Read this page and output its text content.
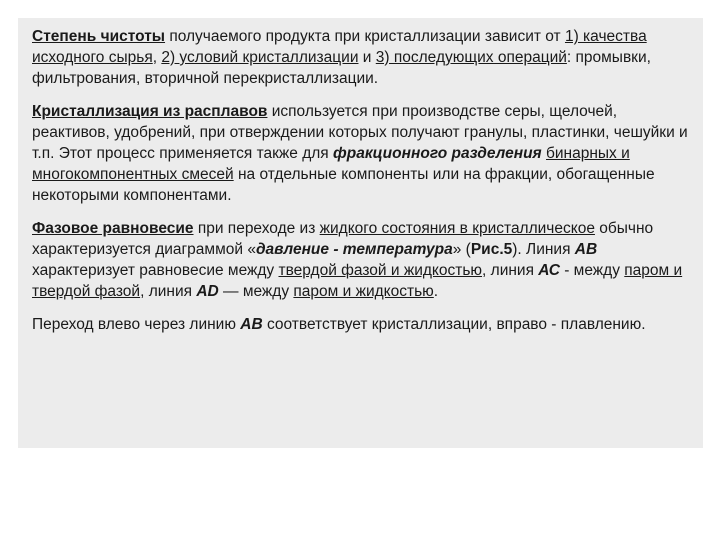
Степень чистоты получаемого продукта при кристаллизации зависит от 1) качества исходного сырья, 2) условий кристаллизации и 3) последующих операций: промывки, фильтрования, вторичной перекристаллизации.

Кристаллизация из расплавов используется при производстве серы, щелочей, реактивов, удобрений, при отверждении которых получают гранулы, пластинки, чешуйки и т.п. Этот процесс применяется также для фракционного разделения бинарных и многокомпонентных смесей на отдельные компоненты или на фракции, обогащенные некоторыми компонентами.

Фазовое равновесие при переходе из жидкого состояния в кристаллическое обычно характеризуется диаграммой «давление - температура» (Рис.5). Линия АВ характеризует равновесие между твердой фазой и жидкостью, линия АС - между паром и твердой фазой, линия AD — между паром и жидкостью.

Переход влево через линию АВ соответствует кристаллизации, вправо - плавлению.
